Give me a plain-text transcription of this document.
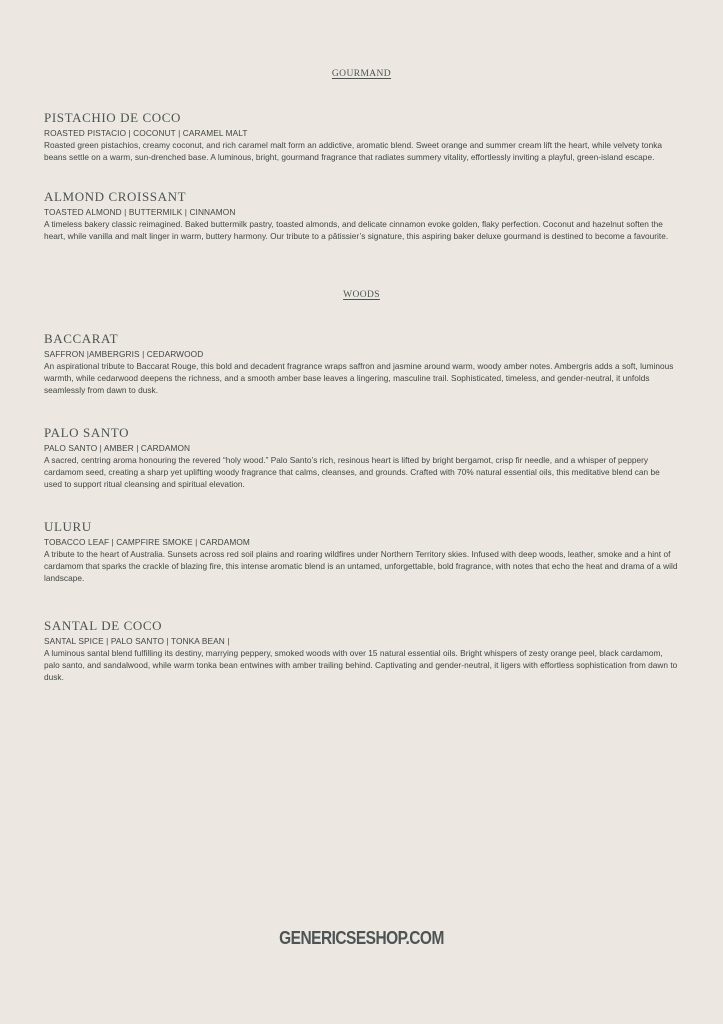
GOURMAND
PISTACHIO DE COCO
ROASTED PISTACIO | COCONUT | CARAMEL MALT
Roasted green pistachios, creamy coconut, and rich caramel malt form an addictive, aromatic blend. Sweet orange and summer cream lift the heart, while velvety tonka beans settle on a warm, sun-drenched base. A luminous, bright, gourmand fragrance that radiates summery vitality, effortlessly inviting a playful, green-island escape.
ALMOND CROISSANT
TOASTED ALMOND | BUTTERMILK | CINNAMON
A timeless bakery classic reimagined. Baked buttermilk pastry, toasted almonds, and delicate cinnamon evoke golden, flaky perfection. Coconut and hazelnut soften the heart, while vanilla and malt linger in warm, buttery harmony. Our tribute to a pâtissier’s signature, this aspiring baker deluxe gourmand is destined to become a favourite.
WOODS
BACCARAT
SAFFRON |AMBERGRIS | CEDARWOOD
An aspirational tribute to Baccarat Rouge, this bold and decadent fragrance wraps saffron and jasmine around warm, woody amber notes. Ambergris adds a soft, luminous warmth, while cedarwood deepens the richness, and a smooth amber base leaves a lingering, masculine trail. Sophisticated, timeless, and gender-neutral, it unfolds seamlessly from dawn to dusk.
PALO SANTO
PALO SANTO | AMBER | CARDAMON
A sacred, centring aroma honouring the revered “holy wood.” Palo Santo’s rich, resinous heart is lifted by bright bergamot, crisp fir needle, and a whisper of peppery cardamom seed, creating a sharp yet uplifting woody fragrance that calms, cleanses, and grounds. Crafted with 70% natural essential oils, this meditative blend can be used to support ritual cleansing and spiritual elevation.
ULURU
TOBACCO LEAF | CAMPFIRE SMOKE | CARDAMOM
A tribute to the heart of Australia. Sunsets across red soil plains and roaring wildfires under Northern Territory skies. Infused with deep woods, leather, smoke and a hint of cardamom that sparks the crackle of blazing fire, this intense aromatic blend is an untamed, unforgettable, bold fragrance, with notes that echo the heat and drama of a wild landscape.
SANTAL DE COCO
SANTAL SPICE | PALO SANTO | TONKA BEAN |
A luminous santal blend fulfilling its destiny, marrying peppery, smoked woods with over 15 natural essential oils. Bright whispers of zesty orange peel, black cardamom, palo santo, and sandalwood, while warm tonka bean entwines with amber trailing behind. Captivating and gender-neutral, it ligers with effortless sophistication from dawn to dusk.
GENERICSESHOP.COM
